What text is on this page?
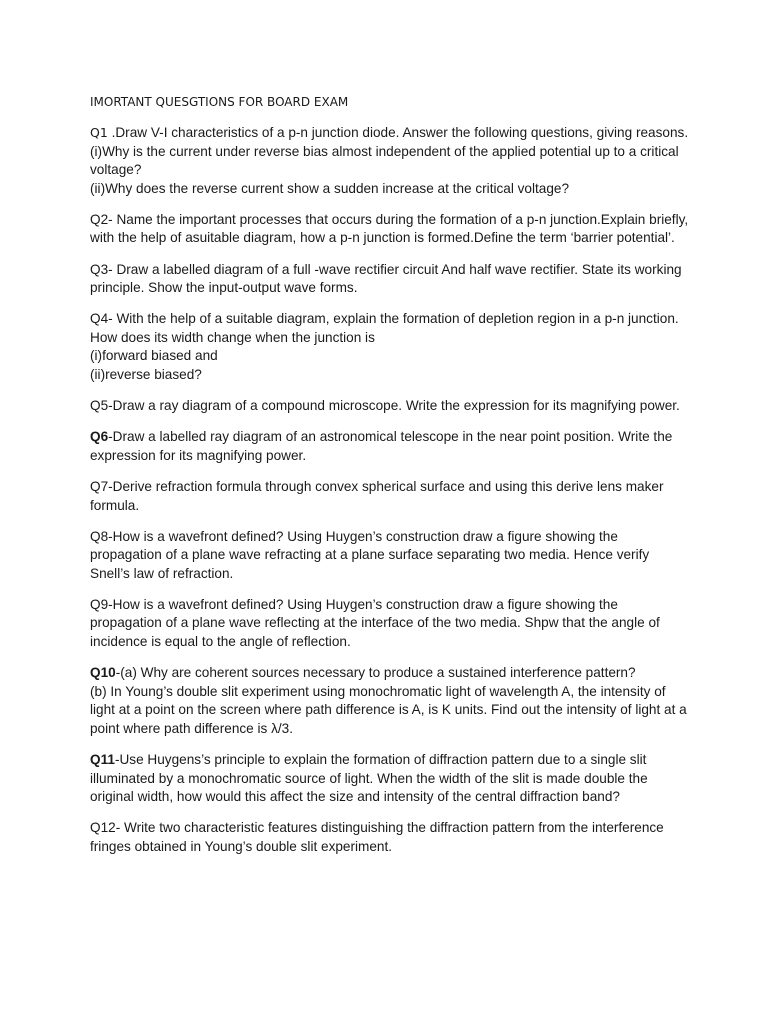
IMORTANT QUESGTIONS FOR BOARD EXAM

Q1 .Draw V-I characteristics of a p-n junction diode. Answer the following questions, giving reasons.

(i)Why is the current under reverse bias almost independent of the applied potential up to a critical voltage?

(ii)Why does the reverse current show a sudden increase at the critical voltage?

Q2- Name the important processes that occurs during the formation of a p-n junction.Explain briefly, with the help of asuitable diagram, how a p-n junction is formed.Define the term ‘barrier potential’.

Q3- Draw a labelled diagram of a full -wave rectifier circuit And half wave rectifier. State its working principle. Show the input-output wave forms.

Q4- With the help of a suitable diagram, explain the formation of depletion region in a p-n junction. How does its width change when the junction is

(i)forward biased and

(ii)reverse biased?

Q5-Draw a ray diagram of a compound microscope. Write the expression for its magnifying power.

Q6-Draw a labelled ray diagram of an astronomical telescope in the near point position. Write the expression for its magnifying power.

Q7-Derive refraction formula through convex spherical surface and using this derive lens maker formula.

Q8-How is a wavefront defined? Using Huygen’s construction draw a figure showing the propagation of a plane wave refracting at a plane surface separating two media. Hence verify Snell’s law of refraction.

Q9-How is a wavefront defined? Using Huygen’s construction draw a figure showing the propagation of a plane wave reflecting at the interface of the two media. Shpw that the angle of incidence is equal to the angle of reflection.

Q10-(a) Why are coherent sources necessary to produce a sustained interference pattern?

(b) In Young’s double slit experiment using monochromatic light of wavelength A, the intensity of light at a point on the screen where path difference is A, is K units. Find out the intensity of light at a point where path difference is λ/3.

Q11-Use Huygens’s principle to explain the formation of diffraction pattern due to a single slit illuminated by a monochromatic source of light. When the width of the slit is made double the original width, how would this affect the size and intensity of the central diffraction band?

Q12- Write two characteristic features distinguishing the diffraction pattern from the interference fringes obtained in Young’s double slit experiment.
